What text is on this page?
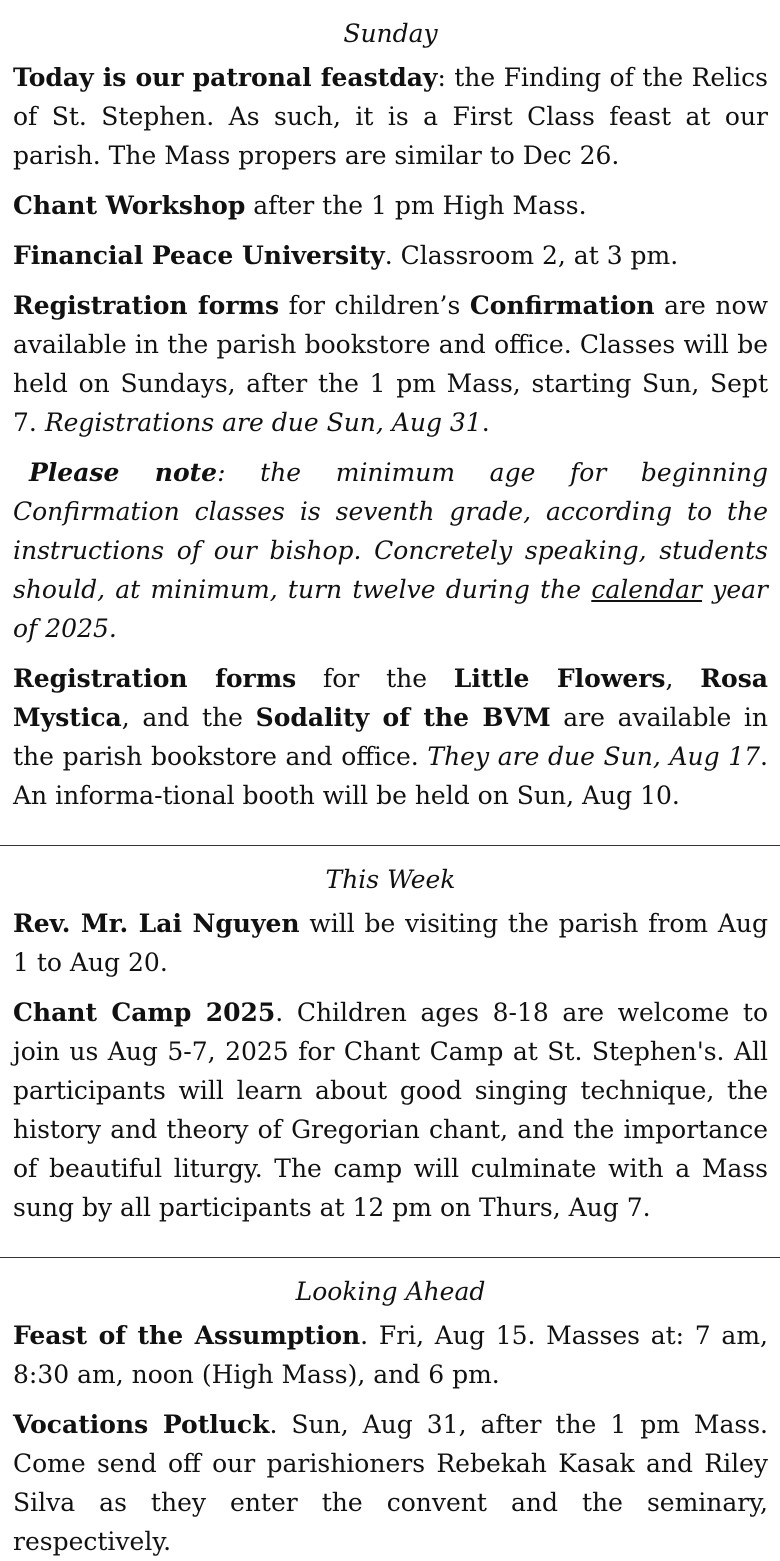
Sunday

Today is our patronal feastday: the Finding of the Relics of St. Stephen. As such, it is a First Class feast at our parish. The Mass propers are similar to Dec 26.

Chant Workshop after the 1 pm High Mass.

Financial Peace University. Classroom 2, at 3 pm.

Registration forms for children’s Confirmation are now available in the parish bookstore and office. Classes will be held on Sundays, after the 1 pm Mass, starting Sun, Sept 7. Registrations are due Sun, Aug 31.

Please note: the minimum age for beginning Confirmation classes is seventh grade, according to the instructions of our bishop. Concretely speaking, students should, at minimum, turn twelve during the calendar year of 2025.

Registration forms for the Little Flowers, Rosa Mystica, and the Sodality of the BVM are available in the parish bookstore and office. They are due Sun, Aug 17. An informa-tional booth will be held on Sun, Aug 10.

This Week

Rev. Mr. Lai Nguyen will be visiting the parish from Aug 1 to Aug 20.

Chant Camp 2025. Children ages 8-18 are welcome to join us Aug 5-7, 2025 for Chant Camp at St. Stephen's. All participants will learn about good singing technique, the history and theory of Gregorian chant, and the importance of beautiful liturgy. The camp will culminate with a Mass sung by all participants at 12 pm on Thurs, Aug 7.

Looking Ahead

Feast of the Assumption. Fri, Aug 15. Masses at: 7 am, 8:30 am, noon (High Mass), and 6 pm.

Vocations Potluck. Sun, Aug 31, after the 1 pm Mass. Come send off our parishioners Rebekah Kasak and Riley Silva as they enter the convent and the seminary, respectively.
